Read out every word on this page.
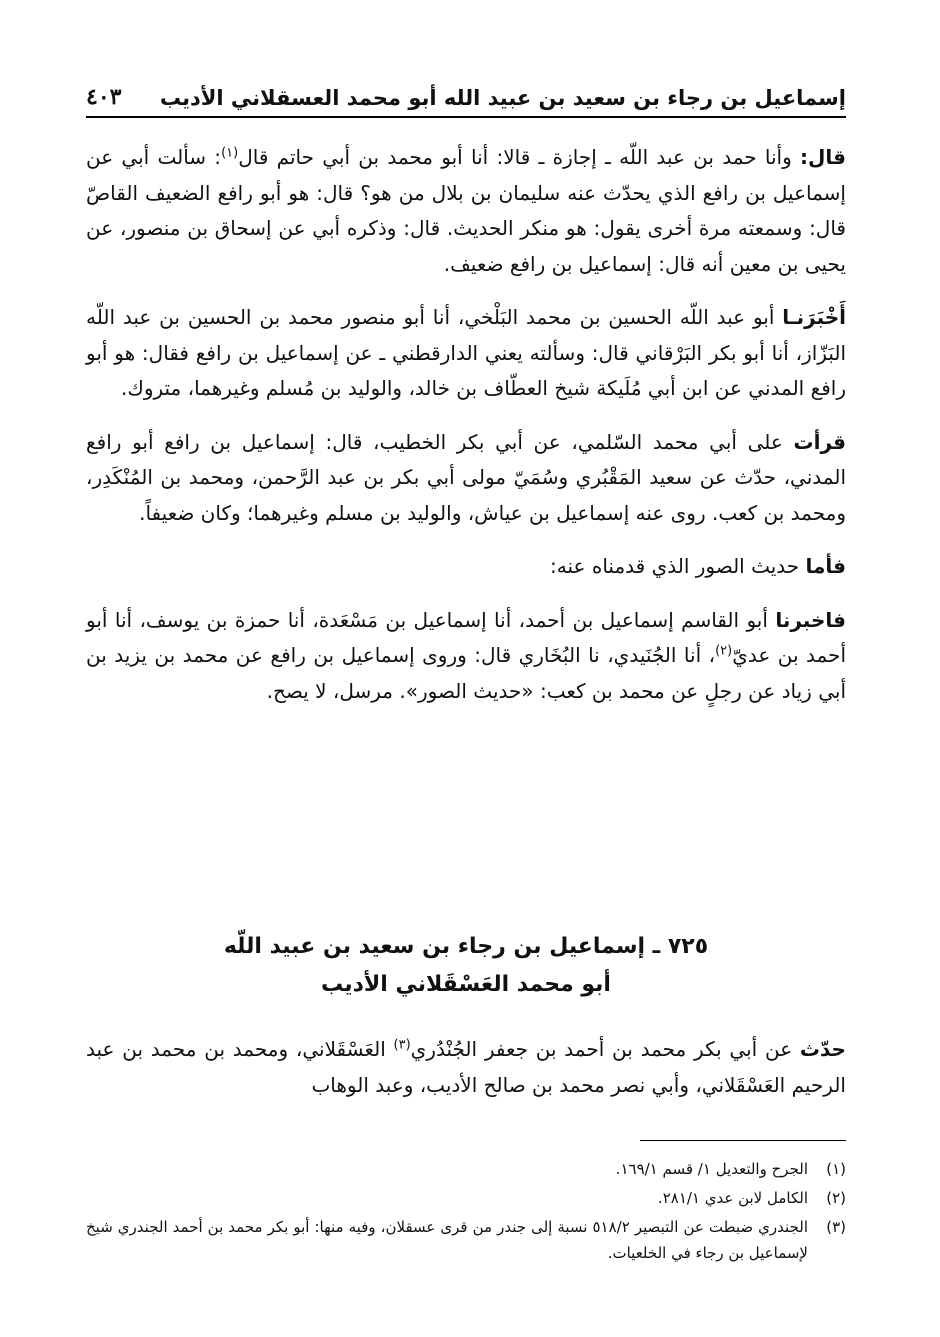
إسماعيل بن رجاء بن سعيد بن عبيد الله أبو محمد العسقلاني الأديب
٤٠٣

قال: وأنا حمد بن عبد اللّه ـ إجازة ـ قالا: أنا أبو محمد بن أبي حاتم قال$^{(١)}$: سألت أبي عن إسماعيل بن رافع الذي يحدّث عنه سليمان بن بلال من هو؟ قال: هو أبو رافع الضعيف القاصّ قال: وسمعته مرة أخرى يقول: هو منكر الحديث. قال: وذكره أبي عن إسحاق بن منصور، عن يحيى بن معين أنه قال: إسماعيل بن رافع ضعيف.

أَخْبَرَنـا أبو عبد اللّه الحسين بن محمد البَلْخي، أنا أبو منصور محمد بن الحسين بن عبد اللّه البَزّاز، أنا أبو بكر البَرْقاني قال: وسألته يعني الدارقطني ـ عن إسماعيل بن رافع فقال: هو أبو رافع المدني عن ابن أبي مُلَيكة شيخ العطّاف بن خالد، والوليد بن مُسلم وغيرهما، متروك.

قرأت على أبي محمد السّلمي، عن أبي بكر الخطيب، قال: إسماعيل بن رافع أبو رافع المدني، حدّث عن سعيد المَقْبُري وسُمَيّ مولى أبي بكر بن عبد الرَّحمن، ومحمد بن المُنْكَدِر، ومحمد بن كعب. روى عنه إسماعيل بن عياش، والوليد بن مسلم وغيرهما؛ وكان ضعيفاً.

فأما حديث الصور الذي قدمناه عنه:

فاخبرنا أبو القاسم إسماعيل بن أحمد، أنا إسماعيل بن مَسْعَدة، أنا حمزة بن يوسف، أنا أبو أحمد بن عديّ$^{(٢)}$، أنا الجُنَيدي، نا البُخَاري قال: وروى إسماعيل بن رافع عن محمد بن يزيد بن أبي زياد عن رجلٍ عن محمد بن كعب: «حديث الصور». مرسل، لا يصح.

٧٢٥ ـ إسماعيل بن رجاء بن سعيد بن عبيد اللّه
أبو محمد العَسْقَلاني الأديب

حدّث عن أبي بكر محمد بن أحمد بن جعفر الجُنْدُري$^{(٣)}$ العَسْقَلاني، ومحمد بن محمد بن عبد الرحيم العَسْقَلاني، وأبي نصر محمد بن صالح الأديب، وعبد الوهاب

(١)
الجرح والتعديل ١/ قسم ١٦٩/١.
(٢)
الكامل لابن عدي ٢٨١/١.
(٣)
الجندري ضبطت عن التبصير ٥١٨/٢ نسبة إلى جندر من قرى عسقلان، وفيه منها: أبو بكر محمد بن أحمد الجندري شيخ لإسماعيل بن رجاء في الخلعيات.
